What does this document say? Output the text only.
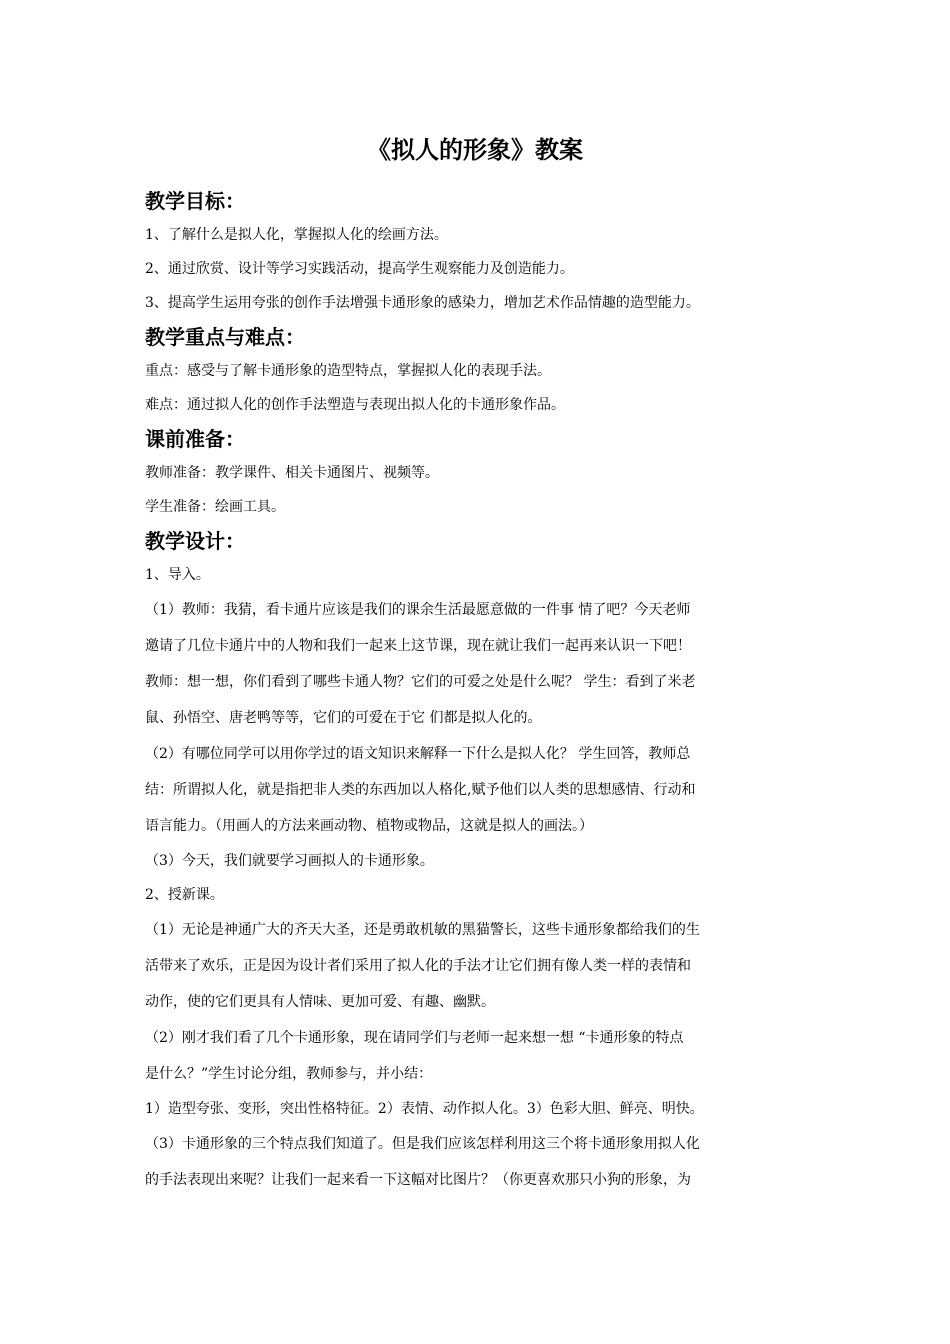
《拟人的形象》教案
教学目标：

1、了解什么是拟人化，掌握拟人化的绘画方法。

2、通过欣赏、设计等学习实践活动，提高学生观察能力及创造能力。

3、提高学生运用夸张的创作手法增强卡通形象的感染力，增加艺术作品情趣的造型能力。

教学重点与难点：

重点：感受与了解卡通形象的造型特点，掌握拟人化的表现手法。

难点：通过拟人化的创作手法塑造与表现出拟人化的卡通形象作品。

课前准备：

教师准备：教学课件、相关卡通图片、视频等。

学生准备：绘画工具。

教学设计：

1、导入。

（1）教师：我猜，看卡通片应该是我们的课余生活最愿意做的一件事 情了吧？今天老师

邀请了几位卡通片中的人物和我们一起来上这节课，现在就让我们一起再来认识一下吧！

教师：想一想，你们看到了哪些卡通人物？它们的可爱之处是什么呢？ 学生：看到了米老

鼠、孙悟空、唐老鸭等等，它们的可爱在于它 们都是拟人化的。

（2）有哪位同学可以用你学过的语文知识来解释一下什么是拟人化？ 学生回答，教师总

结：所谓拟人化，就是指把非人类的东西加以人格化,赋予他们以人类的思想感情、行动和

语言能力。（用画人的方法来画动物、植物或物品，这就是拟人的画法。）

（3）今天，我们就要学习画拟人的卡通形象。

2、授新课。

（1）无论是神通广大的齐天大圣，还是勇敢机敏的黑猫警长，这些卡通形象都给我们的生

活带来了欢乐，正是因为设计者们采用了拟人化的手法才让它们拥有像人类一样的表情和

动作，使的它们更具有人情味、更加可爱、有趣、幽默。

（2）刚才我们看了几个卡通形象，现在请同学们与老师一起来想一想 “卡通形象的特点

是什么？”学生讨论分组，教师参与，并小结：

1）造型夸张、变形，突出性格特征。2）表情、动作拟人化。3）色彩大胆、鲜亮、明快。

（3）卡通形象的三个特点我们知道了。但是我们应该怎样利用这三个将卡通形象用拟人化

的手法表现出来呢？让我们一起来看一下这幅对比图片？（你更喜欢那只小狗的形象，为
